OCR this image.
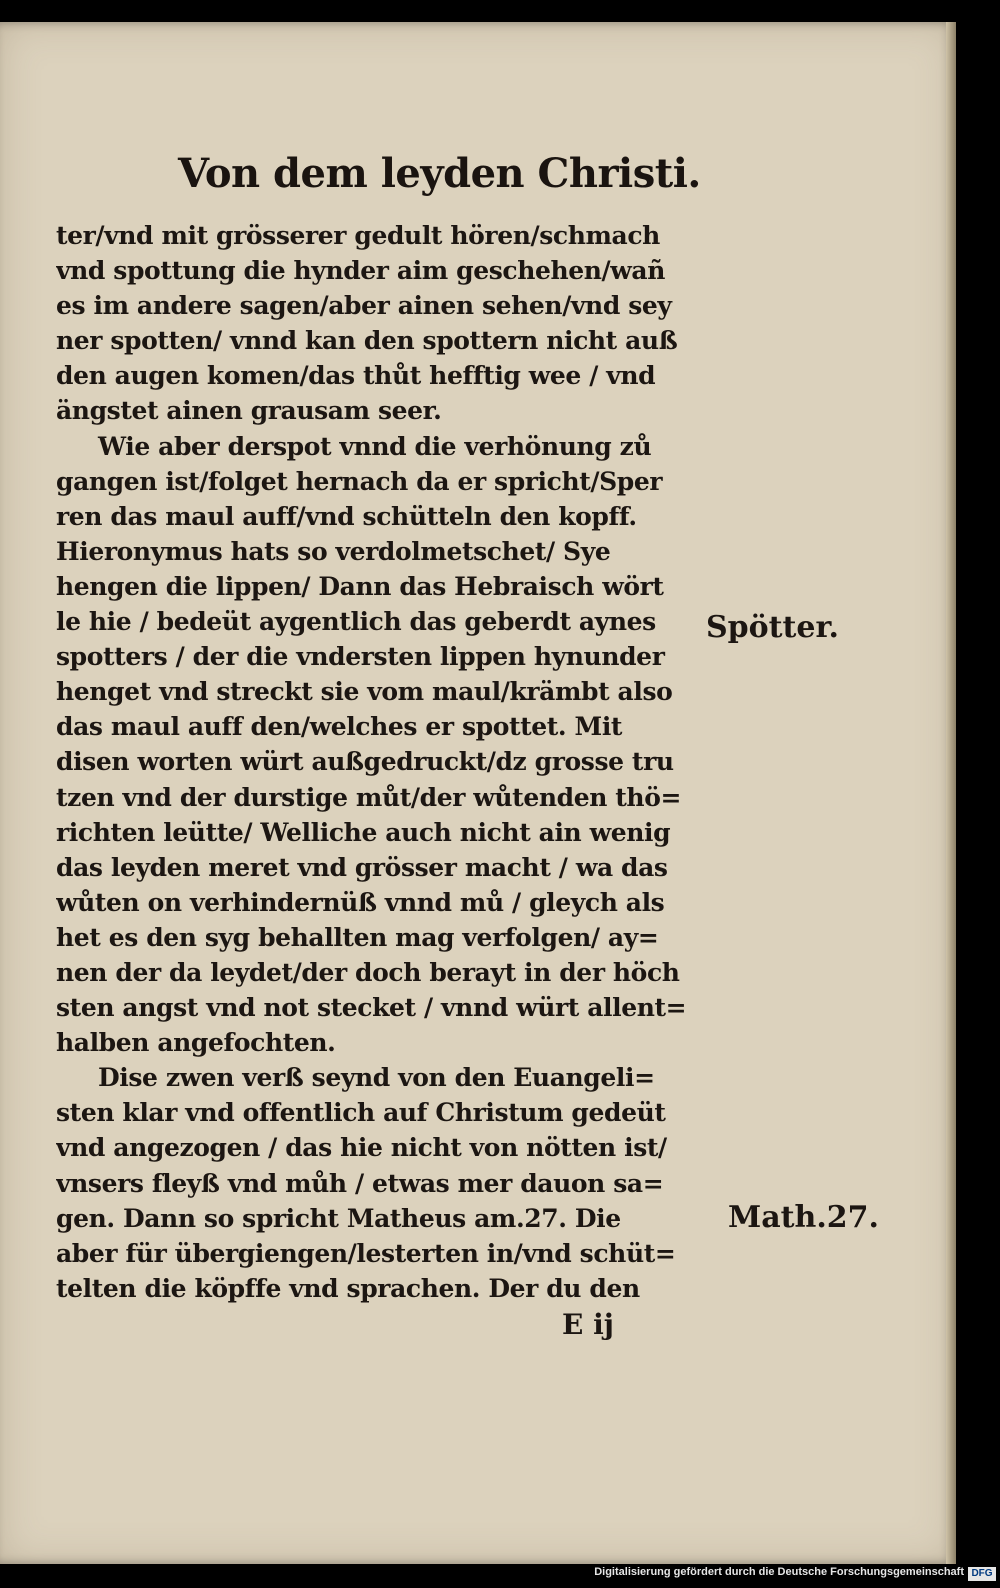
Von dem leyden Christi.
ter/vnd mit grösserer gedult hören/schmach
vnd spottung die hynder aim geschehen/wañ
es im andere sagen/aber ainen sehen/vnd sey
ner spotten/ vnnd kan den spottern nicht auß
den augen komen/das thůt hefftig wee / vnd
ängstet ainen grausam seer.
Wie aber derspot vnnd die verhönung zů
gangen ist/folget hernach da er spricht/Sper
ren das maul auff/vnd schütteln den kopff.
Hieronymus hats so verdolmetschet/ Sye
hengen die lippen/ Dann das Hebraisch wört
le hie / bedeüt aygentlich das geberdt aynes
spotters / der die vndersten lippen hynunder
henget vnd streckt sie vom maul/krämbt also
das maul auff den/welches er spottet. Mit
disen worten würt außgedruckt/dz grosse tru
tzen vnd der durstige můt/der wůtenden thö=
richten leütte/ Welliche auch nicht ain wenig
das leyden meret vnd grösser macht / wa das
wůten on verhindernüß vnnd mů / gleych als
het es den syg behallten mag verfolgen/ ay=
nen der da leydet/der doch berayt in der höch
sten angst vnd not stecket / vnnd würt allent=
halben angefochten.
Dise zwen verß seynd von den Euangeli=
sten klar vnd offentlich auf Christum gedeüt
vnd angezogen / das hie nicht von nötten ist/
vnsers fleyß vnd můh / etwas mer dauon sa=
gen. Dann so spricht Matheus am.27. Die
aber für übergiengen/lesterten in/vnd schüt=
telten die köpffe vnd sprachen. Der du den
Spötter.
Math.27.
E ij
Digitalisierung gefördert durch die Deutsche Forschungsgemeinschaft DFG
